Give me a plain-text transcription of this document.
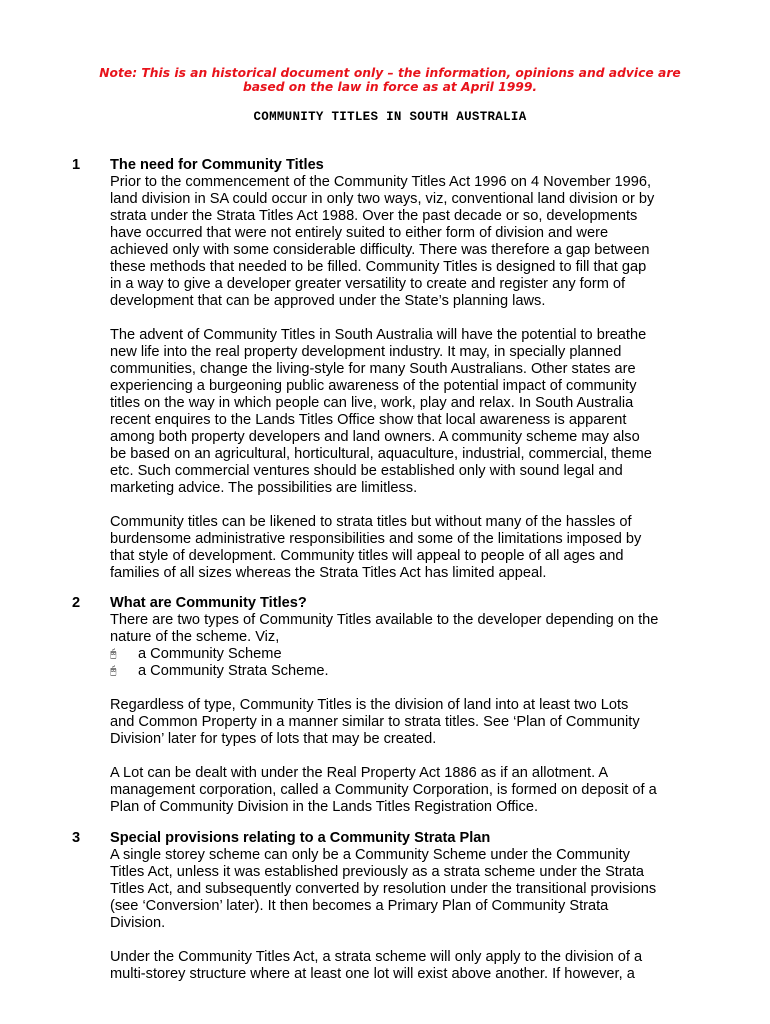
Note: This is an historical document only – the information, opinions and advice are
based on the law in force as at April 1999.
COMMUNITY TITLES IN SOUTH AUSTRALIA
1 The need for Community Titles

Prior to the commencement of the Community Titles Act 1996 on 4 November 1996,
land division in SA could occur in only two ways, viz, conventional land division or by
strata under the Strata Titles Act 1988. Over the past decade or so, developments
have occurred that were not entirely suited to either form of division and were
achieved only with some considerable difficulty. There was therefore a gap between
these methods that needed to be filled. Community Titles is designed to fill that gap
in a way to give a developer greater versatility to create and register any form of
development that can be approved under the State’s planning laws.

The advent of Community Titles in South Australia will have the potential to breathe
new life into the real property development industry. It may, in specially planned
communities, change the living-style for many South Australians. Other states are
experiencing a burgeoning public awareness of the potential impact of community
titles on the way in which people can live, work, play and relax. In South Australia
recent enquires to the Lands Titles Office show that local awareness is apparent
among both property developers and land owners. A community scheme may also
be based on an agricultural, horticultural, aquaculture, industrial, commercial, theme
etc. Such commercial ventures should be established only with sound legal and
marketing advice. The possibilities are limitless.

Community titles can be likened to strata titles but without many of the hassles of
burdensome administrative responsibilities and some of the limitations imposed by
that style of development. Community titles will appeal to people of all ages and
families of all sizes whereas the Strata Titles Act has limited appeal.

2 What are Community Titles?

There are two types of Community Titles available to the developer depending on the
nature of the scheme. Viz,

🖰	a Community Scheme
🖰	a Community Strata Scheme.

Regardless of type, Community Titles is the division of land into at least two Lots
and Common Property in a manner similar to strata titles. See ‘Plan of Community
Division’ later for types of lots that may be created.

A Lot can be dealt with under the Real Property Act 1886 as if an allotment. A
management corporation, called a Community Corporation, is formed on deposit of a
Plan of Community Division in the Lands Titles Registration Office.

3 Special provisions relating to a Community Strata Plan

A single storey scheme can only be a Community Scheme under the Community
Titles Act, unless it was established previously as a strata scheme under the Strata
Titles Act, and subsequently converted by resolution under the transitional provisions
(see ‘Conversion’ later). It then becomes a Primary Plan of Community Strata
Division.

Under the Community Titles Act, a strata scheme will only apply to the division of a
multi-storey structure where at least one lot will exist above another. If however, a
